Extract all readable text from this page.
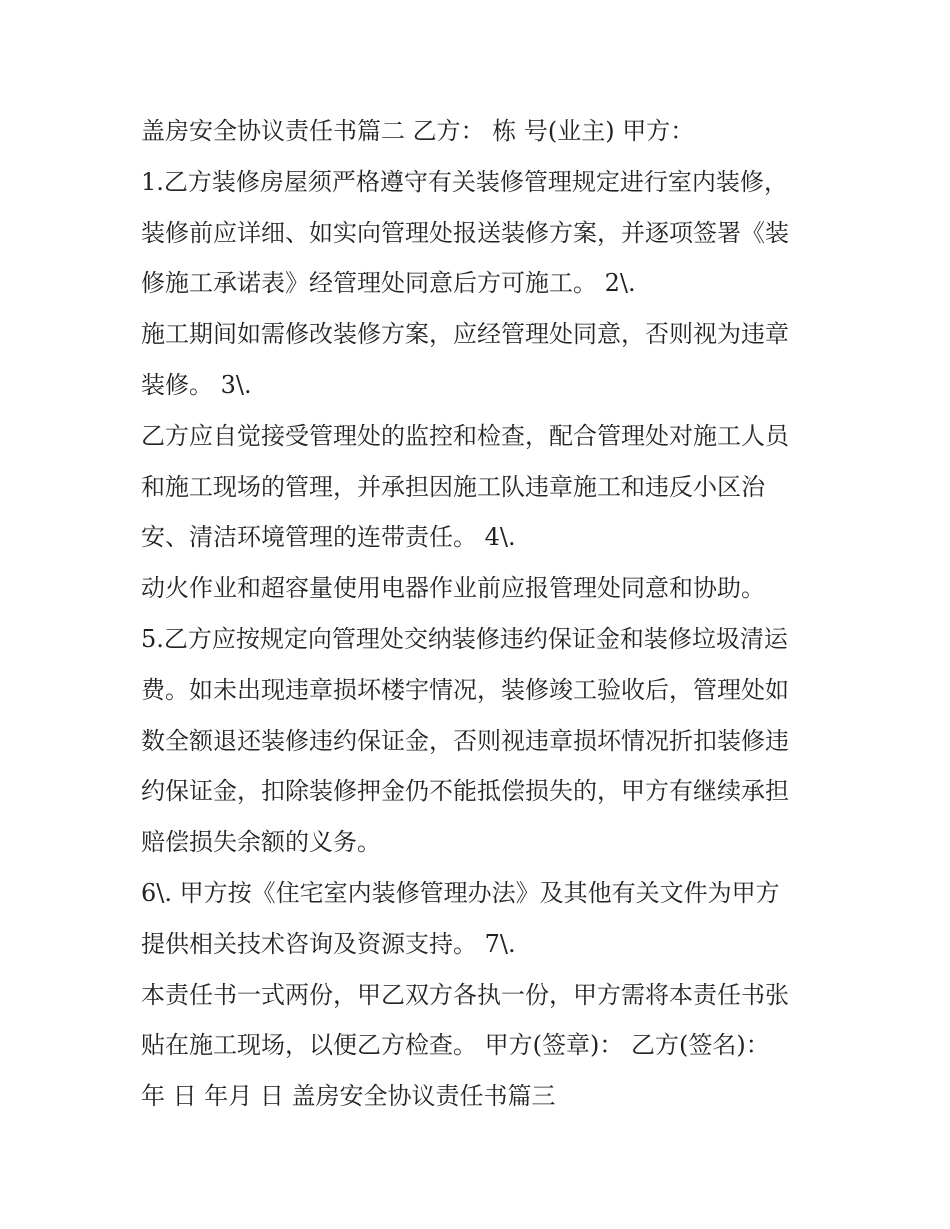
盖房安全协议责任书篇二 乙方： 栋 号(业主) 甲方：
1.乙方装修房屋须严格遵守有关装修管理规定进行室内装修，
装修前应详细、如实向管理处报送装修方案，并逐项签署《装
修施工承诺表》经管理处同意后方可施工。 2\.
施工期间如需修改装修方案，应经管理处同意，否则视为违章
装修。 3\.
乙方应自觉接受管理处的监控和检查，配合管理处对施工人员
和施工现场的管理，并承担因施工队违章施工和违反小区治
安、清洁环境管理的连带责任。 4\.
动火作业和超容量使用电器作业前应报管理处同意和协助。
5.乙方应按规定向管理处交纳装修违约保证金和装修垃圾清运
费。如未出现违章损坏楼宇情况，装修竣工验收后，管理处如
数全额退还装修违约保证金，否则视违章损坏情况折扣装修违
约保证金，扣除装修押金仍不能抵偿损失的，甲方有继续承担
赔偿损失余额的义务。
6\. 甲方按《住宅室内装修管理办法》及其他有关文件为甲方
提供相关技术咨询及资源支持。 7\.
本责任书一式两份，甲乙双方各执一份，甲方需将本责任书张
贴在施工现场，以便乙方检查。 甲方(签章)： 乙方(签名)：
年 日 年月 日 盖房安全协议责任书篇三
